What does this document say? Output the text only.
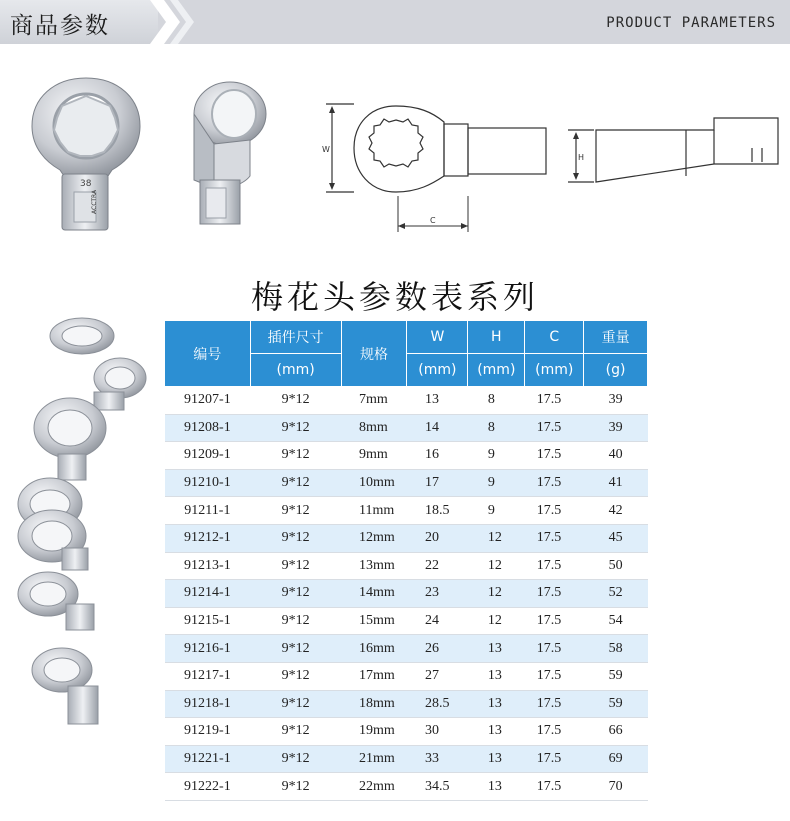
商品参数	PRODUCT PARAMETERS
38
ACCTRA
W
C
H
梅花头参数表系列
编号	插件尺寸	规格	W	H	C	重量
	(mm)		(mm)	(mm)	(mm)	(g)
91207-1	9*12	7mm	13	8	17.5	39
91208-1	9*12	8mm	14	8	17.5	39
91209-1	9*12	9mm	16	9	17.5	40
91210-1	9*12	10mm	17	9	17.5	41
91211-1	9*12	11mm	18.5	9	17.5	42
91212-1	9*12	12mm	20	12	17.5	45
91213-1	9*12	13mm	22	12	17.5	50
91214-1	9*12	14mm	23	12	17.5	52
91215-1	9*12	15mm	24	12	17.5	54
91216-1	9*12	16mm	26	13	17.5	58
91217-1	9*12	17mm	27	13	17.5	59
91218-1	9*12	18mm	28.5	13	17.5	59
91219-1	9*12	19mm	30	13	17.5	66
91221-1	9*12	21mm	33	13	17.5	69
91222-1	9*12	22mm	34.5	13	17.5	70
